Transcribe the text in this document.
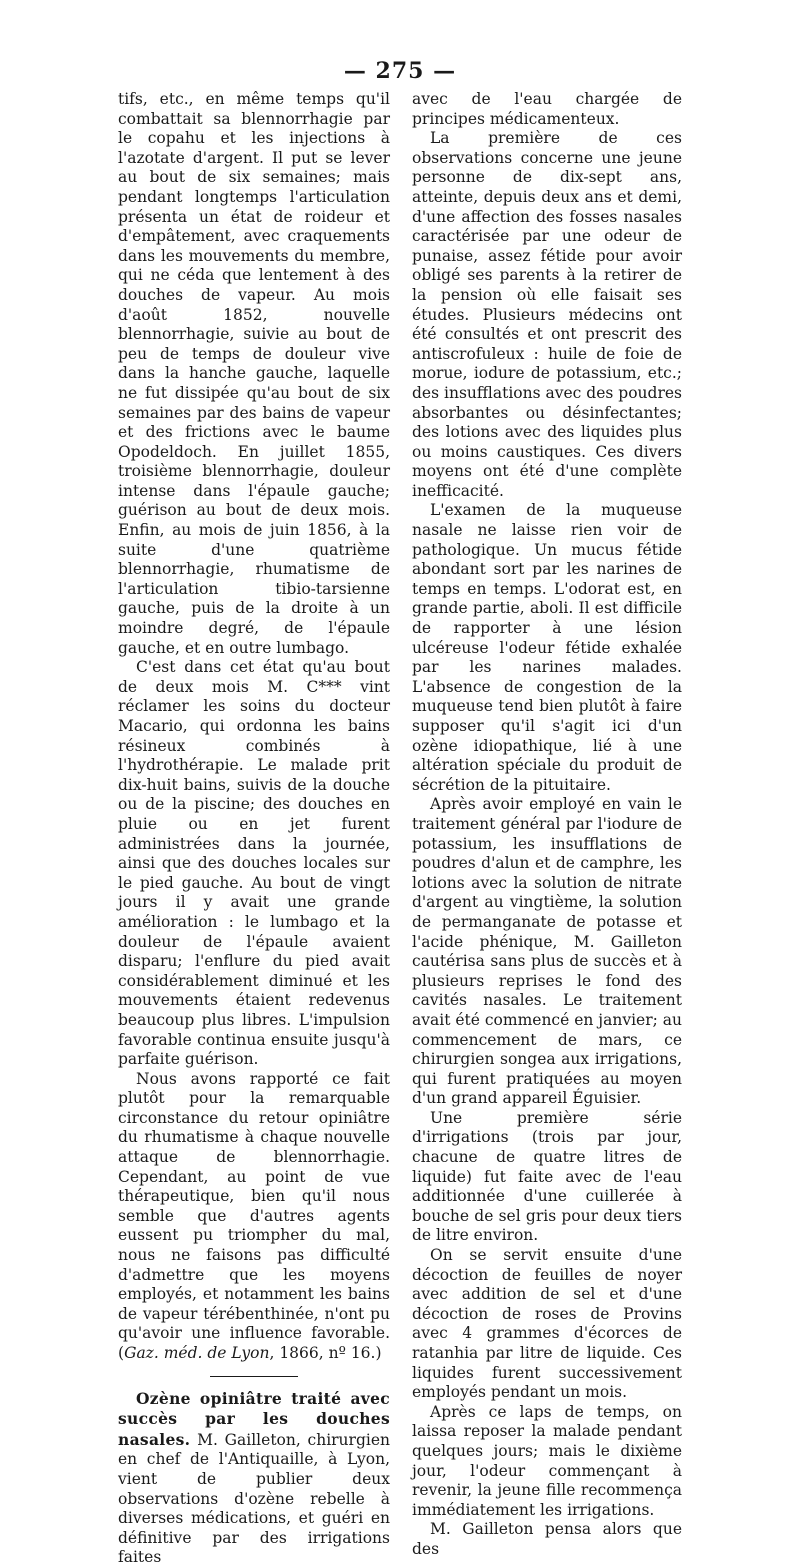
— 275 —

tifs, etc., en même temps qu'il combattait sa blennorrhagie par le copahu et les injections à l'azotate d'argent. Il put se lever au bout de six semaines; mais pendant longtemps l'articulation présenta un état de roideur et d'empâtement, avec craquements dans les mouvements du membre, qui ne céda que lentement à des douches de vapeur. Au mois d'août 1852, nouvelle blennorrhagie, suivie au bout de peu de temps de douleur vive dans la hanche gauche, laquelle ne fut dissipée qu'au bout de six semaines par des bains de vapeur et des frictions avec le baume Opodeldoch. En juillet 1855, troisième blennorrhagie, douleur intense dans l'épaule gauche; guérison au bout de deux mois. Enfin, au mois de juin 1856, à la suite d'une quatrième blennorrhagie, rhumatisme de l'articulation tibio-tarsienne gauche, puis de la droite à un moindre degré, de l'épaule gauche, et en outre lumbago.

C'est dans cet état qu'au bout de deux mois M. C*** vint réclamer les soins du docteur Macario, qui ordonna les bains résineux combinés à l'hydrothérapie. Le malade prit dix-huit bains, suivis de la douche ou de la piscine; des douches en pluie ou en jet furent administrées dans la journée, ainsi que des douches locales sur le pied gauche. Au bout de vingt jours il y avait une grande amélioration : le lumbago et la douleur de l'épaule avaient disparu; l'enflure du pied avait considérablement diminué et les mouvements étaient redevenus beaucoup plus libres. L'impulsion favorable continua ensuite jusqu'à parfaite guérison.

Nous avons rapporté ce fait plutôt pour la remarquable circonstance du retour opiniâtre du rhumatisme à chaque nouvelle attaque de blennorrhagie. Cependant, au point de vue thérapeutique, bien qu'il nous semble que d'autres agents eussent pu triompher du mal, nous ne faisons pas difficulté d'admettre que les moyens employés, et notamment les bains de vapeur térébenthinée, n'ont pu qu'avoir une influence favorable. (Gaz. méd. de Lyon, 1866, nº 16.)

Ozène opiniâtre traité avec succès par les douches nasales. M. Gailleton, chirurgien en chef de l'Antiquaille, à Lyon, vient de publier deux observations d'ozène rebelle à diverses médications, et guéri en définitive par des irrigations faites

avec de l'eau chargée de principes médicamenteux.

La première de ces observations concerne une jeune personne de dix-sept ans, atteinte, depuis deux ans et demi, d'une affection des fosses nasales caractérisée par une odeur de punaise, assez fétide pour avoir obligé ses parents à la retirer de la pension où elle faisait ses études. Plusieurs médecins ont été consultés et ont prescrit des antiscrofuleux : huile de foie de morue, iodure de potassium, etc.; des insufflations avec des poudres absorbantes ou désinfectantes; des lotions avec des liquides plus ou moins caustiques. Ces divers moyens ont été d'une complète inefficacité.

L'examen de la muqueuse nasale ne laisse rien voir de pathologique. Un mucus fétide abondant sort par les narines de temps en temps. L'odorat est, en grande partie, aboli. Il est difficile de rapporter à une lésion ulcéreuse l'odeur fétide exhalée par les narines malades. L'absence de congestion de la muqueuse tend bien plutôt à faire supposer qu'il s'agit ici d'un ozène idiopathique, lié à une altération spéciale du produit de sécrétion de la pituitaire.

Après avoir employé en vain le traitement général par l'iodure de potassium, les insufflations de poudres d'alun et de camphre, les lotions avec la solution de nitrate d'argent au vingtième, la solution de permanganate de potasse et l'acide phénique, M. Gailleton cautérisa sans plus de succès et à plusieurs reprises le fond des cavités nasales. Le traitement avait été commencé en janvier; au commencement de mars, ce chirurgien songea aux irrigations, qui furent pratiquées au moyen d'un grand appareil Éguisier.

Une première série d'irrigations (trois par jour, chacune de quatre litres de liquide) fut faite avec de l'eau additionnée d'une cuillerée à bouche de sel gris pour deux tiers de litre environ.

On se servit ensuite d'une décoction de feuilles de noyer avec addition de sel et d'une décoction de roses de Provins avec 4 grammes d'écorces de ratanhia par litre de liquide. Ces liquides furent successivement employés pendant un mois.

Après ce laps de temps, on laissa reposer la malade pendant quelques jours; mais le dixième jour, l'odeur commençant à revenir, la jeune fille recommença immédiatement les irrigations.

M. Gailleton pensa alors que des
